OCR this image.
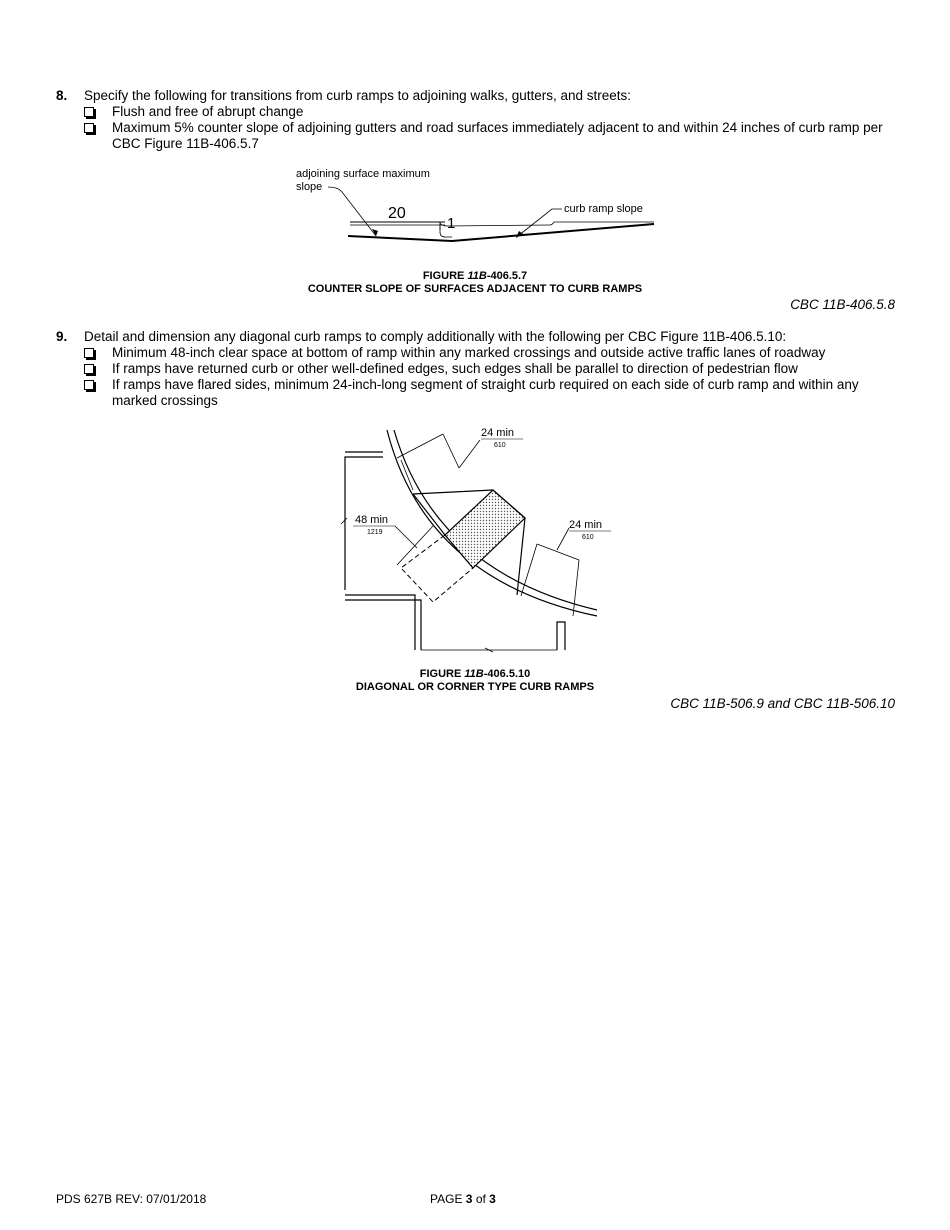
8. Specify the following for transitions from curb ramps to adjoining walks, gutters, and streets:
Flush and free of abrupt change
Maximum 5% counter slope of adjoining gutters and road surfaces immediately adjacent to and within 24 inches of curb ramp per CBC Figure 11B-406.5.7
adjoining surface maximum
slope
20
1
curb ramp slope
FIGURE 11B-406.5.7
COUNTER SLOPE OF SURFACES ADJACENT TO CURB RAMPS
CBC 11B-406.5.8
9. Detail and dimension any diagonal curb ramps to comply additionally with the following per CBC Figure 11B-406.5.10:
Minimum 48-inch clear space at bottom of ramp within any marked crossings and outside active traffic lanes of roadway
If ramps have returned curb or other well-defined edges, such edges shall be parallel to direction of pedestrian flow
If ramps have flared sides, minimum 24-inch-long segment of straight curb required on each side of curb ramp and within any marked crossings
24 min
610
48 min
1219
24 min
610
FIGURE 11B-406.5.10
DIAGONAL OR CORNER TYPE CURB RAMPS
CBC 11B-506.9 and CBC 11B-506.10
PDS 627B REV: 07/01/2018	PAGE 3 of 3
